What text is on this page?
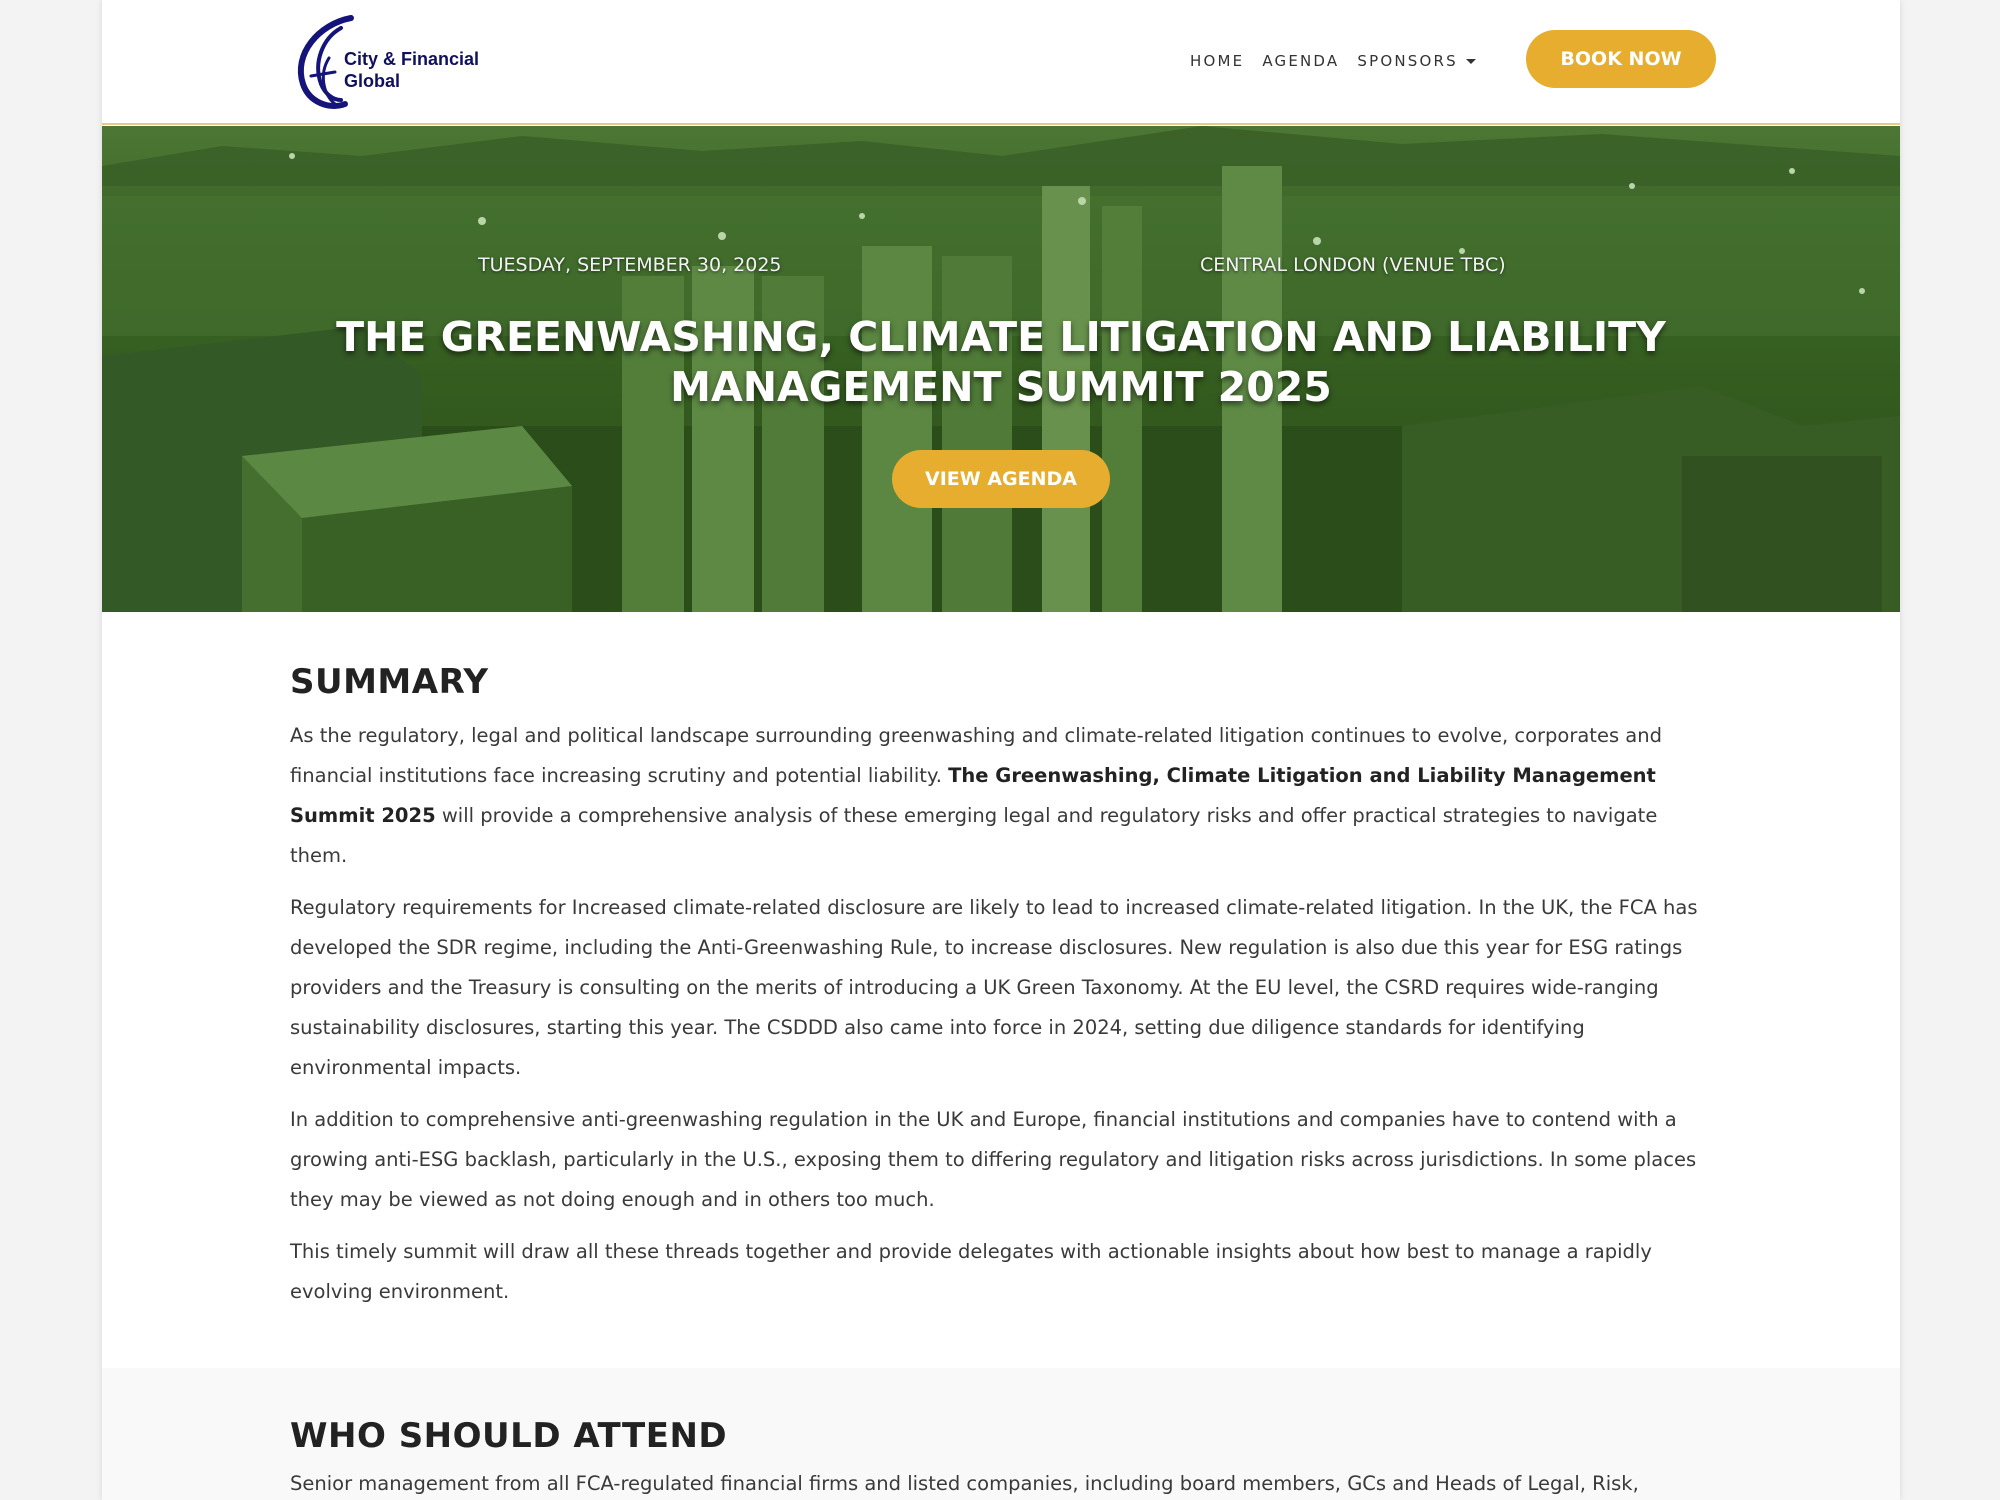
City & Financial
Global
HOME AGENDA SPONSORS	BOOK NOW
TUESDAY, SEPTEMBER 30, 2025	CENTRAL LONDON (VENUE TBC)
THE GREENWASHING, CLIMATE LITIGATION AND LIABILITY MANAGEMENT SUMMIT 2025
VIEW AGENDA
SUMMARY

As the regulatory, legal and political landscape surrounding greenwashing and climate-related litigation continues to evolve, corporates and financial institutions face increasing scrutiny and potential liability. The Greenwashing, Climate Litigation and Liability Management Summit 2025 will provide a comprehensive analysis of these emerging legal and regulatory risks and offer practical strategies to navigate them.

Regulatory requirements for Increased climate-related disclosure are likely to lead to increased climate-related litigation. In the UK, the FCA has developed the SDR regime, including the Anti-Greenwashing Rule, to increase disclosures. New regulation is also due this year for ESG ratings providers and the Treasury is consulting on the merits of introducing a UK Green Taxonomy. At the EU level, the CSRD requires wide-ranging sustainability disclosures, starting this year. The CSDDD also came into force in 2024, setting due diligence standards for identifying environmental impacts.

In addition to comprehensive anti-greenwashing regulation in the UK and Europe, financial institutions and companies have to contend with a growing anti-ESG backlash, particularly in the U.S., exposing them to differing regulatory and litigation risks across jurisdictions. In some places they may be viewed as not doing enough and in others too much.

This timely summit will draw all these threads together and provide delegates with actionable insights about how best to manage a rapidly evolving environment.

WHO SHOULD ATTEND

Senior management from all FCA-regulated financial firms and listed companies, including board members, GCs and Heads of Legal, Risk,
